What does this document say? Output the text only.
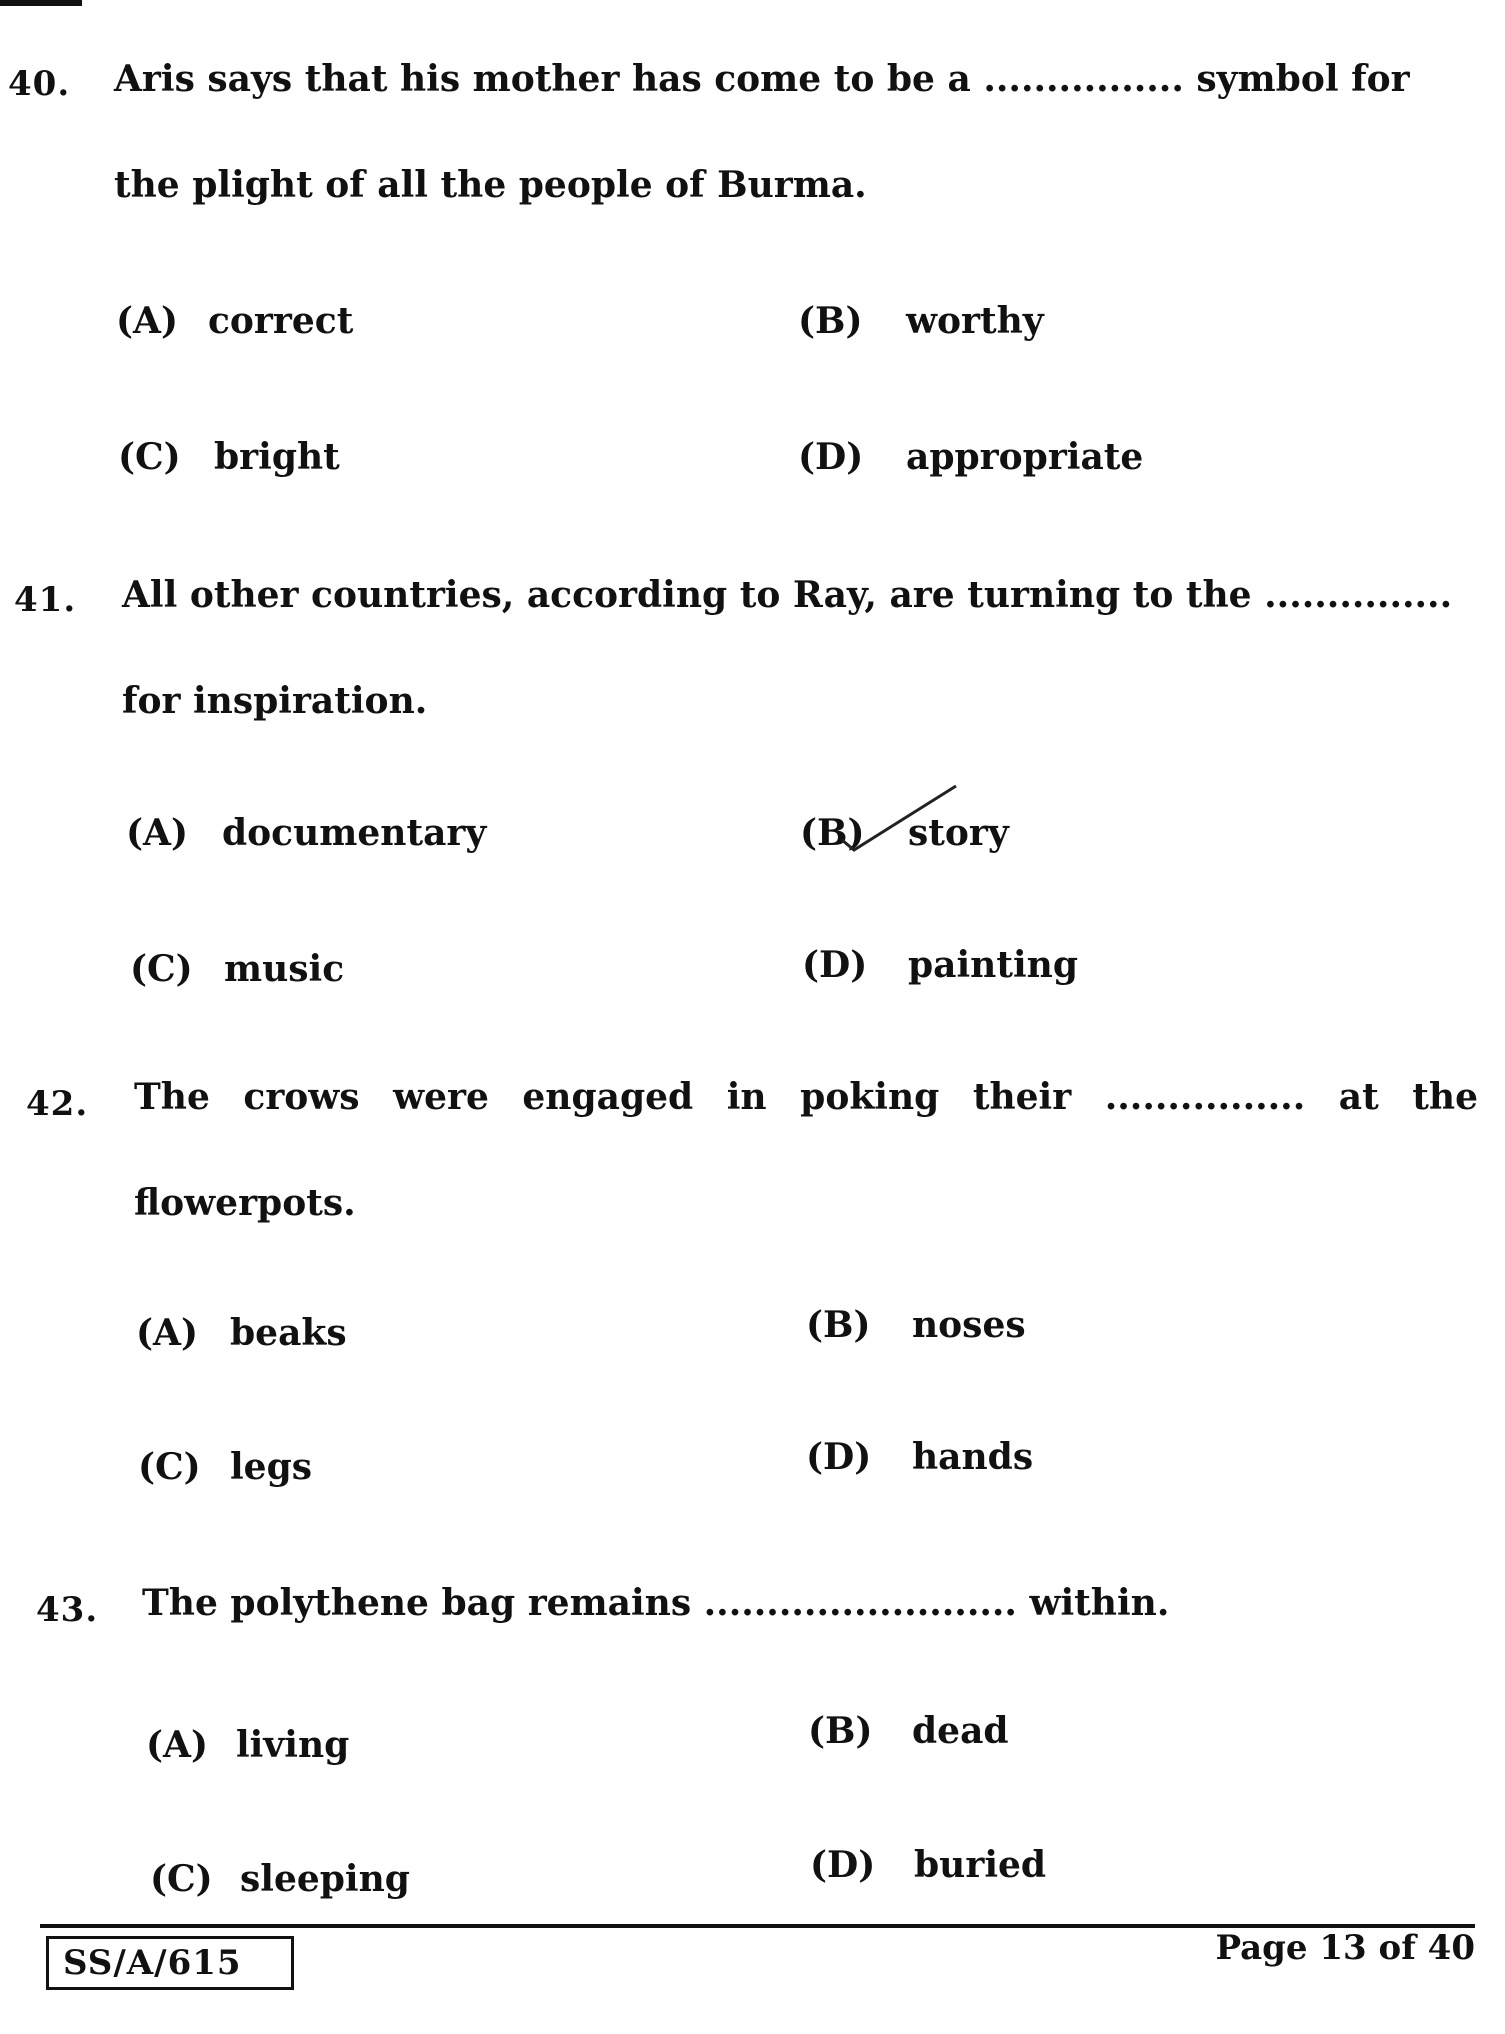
40. Aris says that his mother has come to be a ................ symbol for
the plight of all the people of Burma.
(A) correct	(B) worthy
(C) bright	(D) appropriate
41. All other countries, according to Ray, are turning to the ...............
for inspiration.
(A) documentary	(B) story
(C) music	(D) painting
42. The crows were engaged in poking their ................ at the
flowerpots.
(A) beaks	(B) noses
(C) legs	(D) hands
43. The polythene bag remains ......................... within.
(A) living	(B) dead
(C) sleeping	(D) buried
SS/A/615	Page 13 of 40
